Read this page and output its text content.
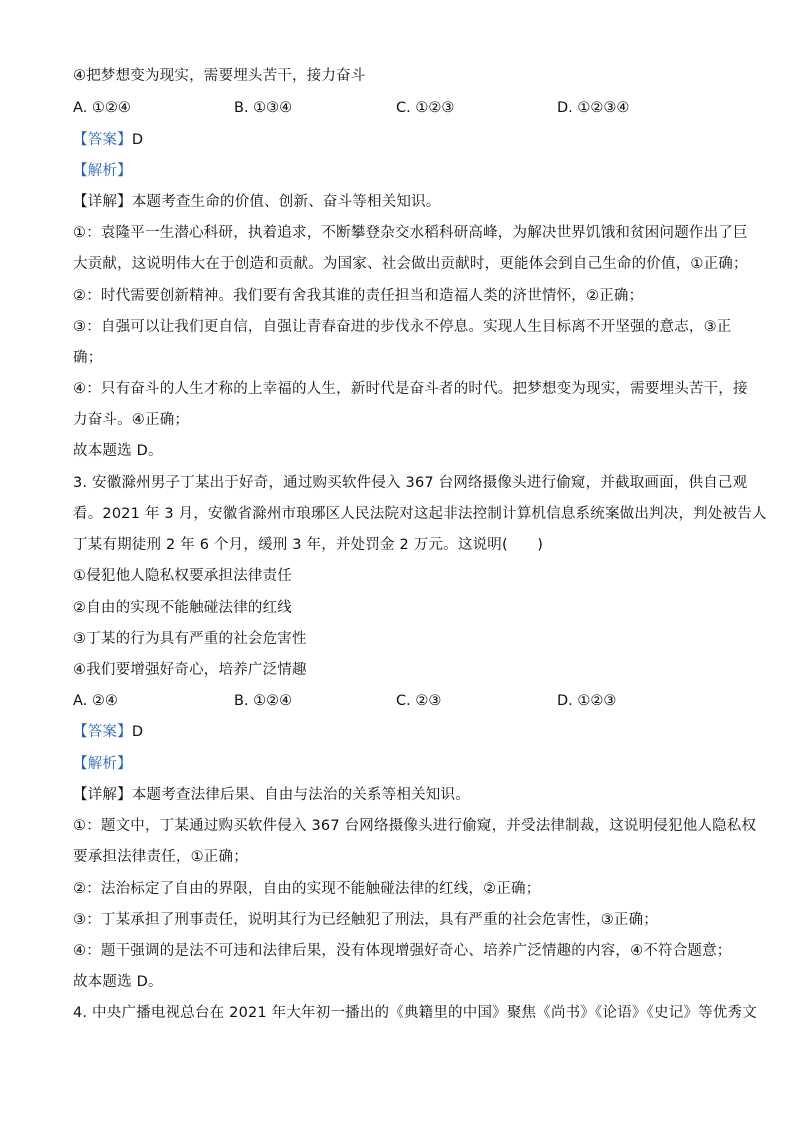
④把梦想变为现实，需要埋头苦干，接力奋斗
A. ①②④	B. ①③④	C. ①②③	D. ①②③④
【答案】D
【解析】
【详解】本题考查生命的价值、创新、奋斗等相关知识。
①：袁隆平一生潜心科研，执着追求，不断攀登杂交水稻科研高峰，为解决世界饥饿和贫困问题作出了巨
大贡献，这说明伟大在于创造和贡献。为国家、社会做出贡献时，更能体会到自己生命的价值，①正确；
②：时代需要创新精神。我们要有舍我其谁的责任担当和造福人类的济世情怀，②正确；
③：自强可以让我们更自信，自强让青春奋进的步伐永不停息。实现人生目标离不开坚强的意志，③正
确；
④：只有奋斗的人生才称的上幸福的人生，新时代是奋斗者的时代。把梦想变为现实，需要埋头苦干，接
力奋斗。④正确；
故本题选 D。
3. 安徽滁州男子丁某出于好奇，通过购买软件侵入 367 台网络摄像头进行偷窥，并截取画面，供自己观
看。2021 年 3 月，安徽省滁州市琅琊区人民法院对这起非法控制计算机信息系统案做出判决，判处被告人
丁某有期徒刑 2 年 6 个月，缓刑 3 年，并处罚金 2 万元。这说明(　　)
①侵犯他人隐私权要承担法律责任
②自由的实现不能触碰法律的红线
③丁某的行为具有严重的社会危害性
④我们要增强好奇心，培养广泛情趣
A. ②④	B. ①②④	C. ②③	D. ①②③
【答案】D
【解析】
【详解】本题考查法律后果、自由与法治的关系等相关知识。
①：题文中，丁某通过购买软件侵入 367 台网络摄像头进行偷窥，并受法律制裁，这说明侵犯他人隐私权
要承担法律责任，①正确；
②：法治标定了自由的界限，自由的实现不能触碰法律的红线，②正确；
③：丁某承担了刑事责任，说明其行为已经触犯了刑法，具有严重的社会危害性，③正确；
④：题干强调的是法不可违和法律后果，没有体现增强好奇心、培养广泛情趣的内容，④不符合题意；
故本题选 D。
4. 中央广播电视总台在 2021 年大年初一播出的《典籍里的中国》聚焦《尚书》《论语》《史记》等优秀文
